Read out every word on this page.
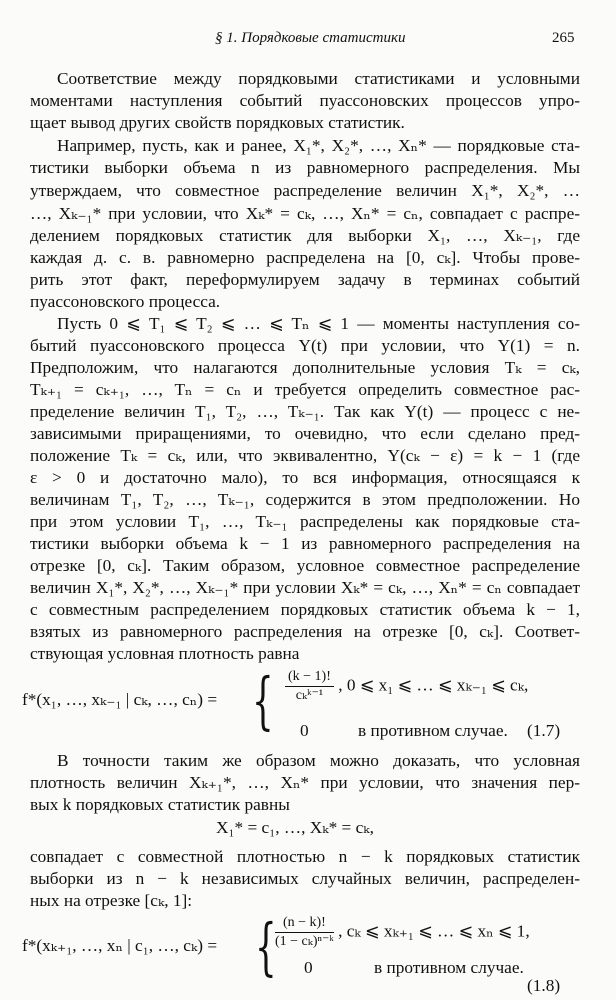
§ 1. Порядковые статистики	265
Соответствие между порядковыми статистиками и условными
моментами наступления событий пуассоновских процессов упро-
щает вывод других свойств порядковых статистик.
Например, пусть, как и ранее, X₁*, X₂*, …, Xₙ* — порядковые ста-
тистики выборки объема n из равномерного распределения. Мы
утверждаем, что совместное распределение величин X₁*, X₂*, …
…, Xₖ₋₁* при условии, что Xₖ* = cₖ, …, Xₙ* = cₙ, совпадает с распре-
делением порядковых статистик для выборки X₁, …, Xₖ₋₁, где
каждая д. с. в. равномерно распределена на [0, cₖ]. Чтобы прове-
рить этот факт, переформулируем задачу в терминах событий
пуассоновского процесса.
Пусть 0 ⩽ T₁ ⩽ T₂ ⩽ … ⩽ Tₙ ⩽ 1 — моменты наступления со-
бытий пуассоновского процесса Y(t) при условии, что Y(1) = n.
Предположим, что налагаются дополнительные условия Tₖ = cₖ,
Tₖ₊₁ = cₖ₊₁, …, Tₙ = cₙ и требуется определить совместное рас-
пределение величин T₁, T₂, …, Tₖ₋₁. Так как Y(t) — процесс с не-
зависимыми приращениями, то очевидно, что если сделано пред-
положение Tₖ = cₖ, или, что эквивалентно, Y(cₖ − ε) = k − 1 (где
ε > 0 и достаточно мало), то вся информация, относящаяся к
величинам T₁, T₂, …, Tₖ₋₁, содержится в этом предположении. Но
при этом условии T₁, …, Tₖ₋₁ распределены как порядковые ста-
тистики выборки объема k − 1 из равномерного распределения на
отрезке [0, cₖ]. Таким образом, условное совместное распределение
величин X₁*, X₂*, …, Xₖ₋₁* при условии Xₖ* = cₖ, …, Xₙ* = cₙ совпадает
с совместным распределением порядковых статистик объема k − 1,
взятых из равномерного распределения на отрезке [0, cₖ]. Соответ-
ствующая условная плотность равна
f*(x₁, …, xₖ₋₁ | cₖ, …, cₙ) = { $\frac{(k - 1)!}{\text{cₖᵏ⁻¹}}$ , 0 ⩽ x₁ ⩽ … ⩽ xₖ₋₁ ⩽ cₖ,
0	в противном случае. (1.7)
В точности таким же образом можно доказать, что условная
плотность величин Xₖ₊₁*, …, Xₙ* при условии, что значения пер-
вых k порядковых статистик равны
X₁* = c₁, …, Xₖ* = cₖ,
совпадает с совместной плотностью n − k порядковых статистик
выборки из n − k независимых случайных величин, распределен-
ных на отрезке [cₖ, 1]:
f*(xₖ₊₁, …, xₙ | c₁, …, cₖ) = {
$\frac{(n - k)!}{\text{(1 − cₖ)ⁿ⁻ᵏ}}$ , cₖ ⩽ xₖ₊₁ ⩽ … ⩽ xₙ ⩽ 1,
0	в противном случае.
(1.8)
